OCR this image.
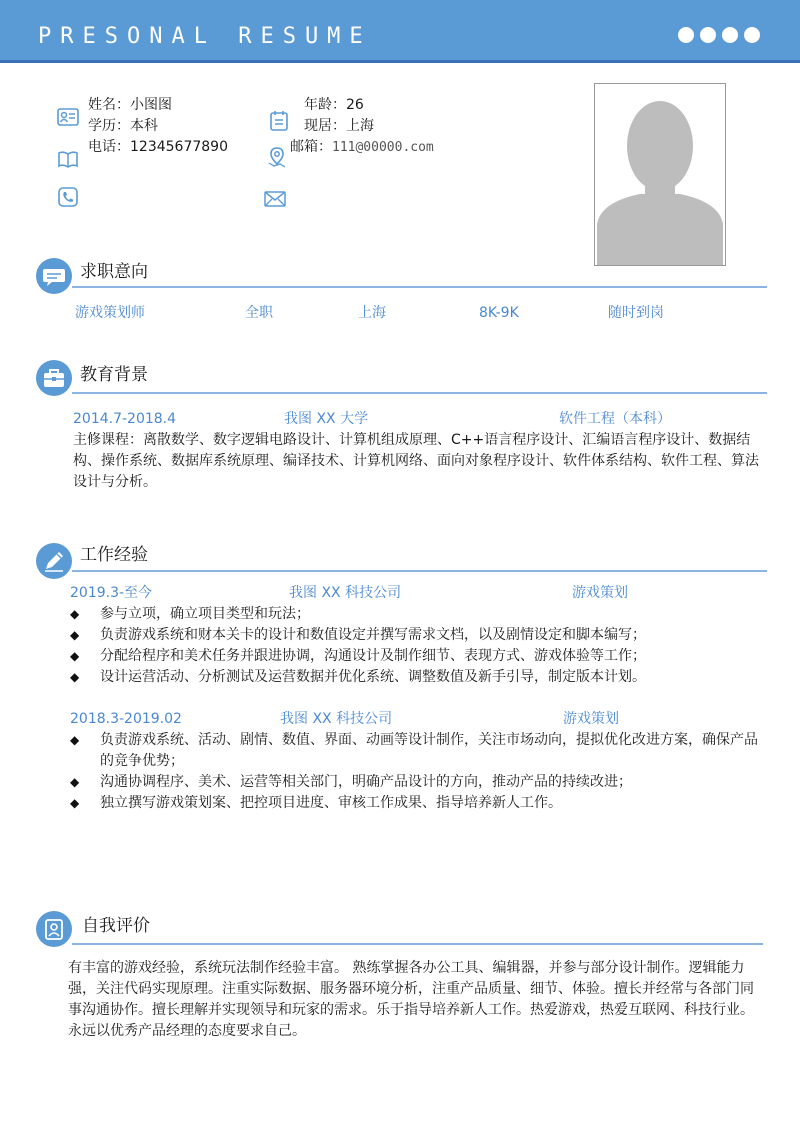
PRESONAL RESUME
姓名：小图图
学历：本科
电话：12345677890
年龄：26
现居：上海
邮箱：111@00000.com
求职意向
游戏策划师	全职	上海	8K-9K	随时到岗
教育背景
2014.7-2018.4	我图 XX 大学	软件工程（本科）
主修课程：离散数学、数字逻辑电路设计、计算机组成原理、C++语言程序设计、汇编语言程序设计、数据结构、操作系统、数据库系统原理、编译技术、计算机网络、面向对象程序设计、软件体系结构、软件工程、算法设计与分析。
工作经验
2019.3-至今	我图 XX 科技公司	游戏策划
◆ 参与立项，确立项目类型和玩法；
◆ 负责游戏系统和财本关卡的设计和数值设定并撰写需求文档，以及剧情设定和脚本编写；
◆ 分配给程序和美术任务并跟进协调，沟通设计及制作细节、表现方式、游戏体验等工作；
◆ 设计运营活动、分析测试及运营数据并优化系统、调整数值及新手引导，制定版本计划。
2018.3-2019.02	我图 XX 科技公司	游戏策划
◆ 负责游戏系统、活动、剧情、数值、界面、动画等设计制作，关注市场动向，提拟优化改进方案，确保产品的竞争优势；
◆ 沟通协调程序、美术、运营等相关部门，明确产品设计的方向，推动产品的持续改进；
◆ 独立撰写游戏策划案、把控项目进度、审核工作成果、指导培养新人工作。
自我评价
有丰富的游戏经验，系统玩法制作经验丰富。 熟练掌握各办公工具、编辑器，并参与部分设计制作。逻辑能力强，关注代码实现原理。注重实际数据、服务器环境分析，注重产品质量、细节、体验。擅长并经常与各部门同事沟通协作。擅长理解并实现领导和玩家的需求。乐于指导培养新人工作。热爱游戏，热爱互联网、科技行业。永远以优秀产品经理的态度要求自己。
